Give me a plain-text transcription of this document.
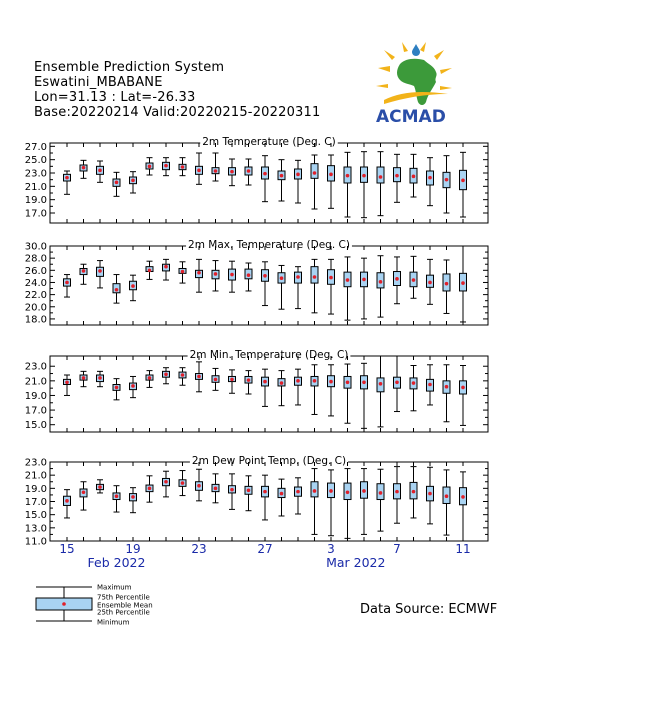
Ensemble Prediction System
Eswatini_MBABANE
Lon=31.13 : Lat=-26.33
Base:20220214 Valid:20220215-20220311	ACMAD
2m Temperature (Deg. C)
27.0
25.0
23.0
21.0
19.0
17.0
2m Max. Temperature (Deg. C)
30.0
28.0
26.0
24.0
22.0
20.0
18.0
2m Min. Temperature (Deg. C)
23.0
21.0
19.0
17.0
15.0
2m Dew Point Temp. (Deg. C)
23.0
21.0
19.0
17.0
15.0
13.0
11.0 15	19	23	27	3	7	11
Feb 2022	Mar 2022
Maximum
75th Percentile
Ensemble Mean
25th Percentile
Minimum
Data Source: ECMWF
